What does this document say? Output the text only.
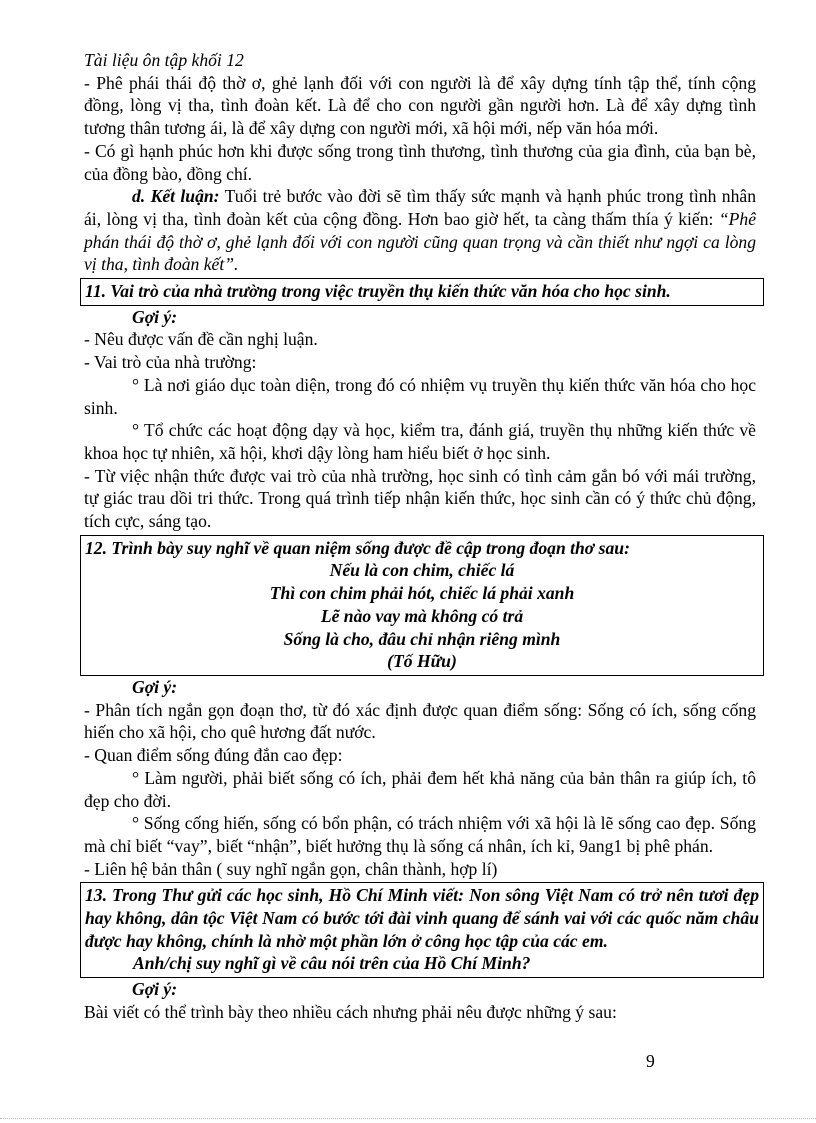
Tài liệu ôn tập khối 12

- Phê phái thái độ thờ ơ, ghẻ lạnh đối với con người là để xây dựng tính tập thể, tính cộng đồng, lòng vị tha, tình đoàn kết. Là để cho con người gần người hơn. Là để xây dựng tình tương thân tương ái, là để xây dựng con người mới, xã hội mới, nếp văn hóa mới.

- Có gì hạnh phúc hơn khi được sống trong tình thương, tình thương của gia đình, của bạn bè, của đồng bào, đồng chí.

d. Kết luận: Tuổi trẻ bước vào đời sẽ tìm thấy sức mạnh và hạnh phúc trong tình nhân ái, lòng vị tha, tình đoàn kết của cộng đồng. Hơn bao giờ hết, ta càng thấm thía ý kiến: “Phê phán thái độ thờ ơ, ghẻ lạnh đối với con người cũng quan trọng và cần thiết như ngợi ca lòng vị tha, tình đoàn kết”.

11. Vai trò của nhà trường trong việc truyền thụ kiến thức văn hóa cho học sinh.

Gợi ý:

- Nêu được vấn đề cần nghị luận.

- Vai trò của nhà trường:

° Là nơi giáo dục toàn diện, trong đó có nhiệm vụ truyền thụ kiến thức văn hóa cho học sinh.

° Tổ chức các hoạt động dạy và học, kiểm tra, đánh giá, truyền thụ những kiến thức về khoa học tự nhiên, xã hội, khơi dậy lòng ham hiểu biết ở học sinh.

- Từ việc nhận thức được vai trò của nhà trường, học sinh có tình cảm gắn bó với mái trường, tự giác trau dồi tri thức. Trong quá trình tiếp nhận kiến thức, học sinh cần có ý thức chủ động, tích cực, sáng tạo.

12. Trình bày suy nghĩ về quan niệm sống được đề cập trong đoạn thơ sau:

Nếu là con chim, chiếc lá

Thì con chim phải hót, chiếc lá phải xanh

Lẽ nào vay mà không có trả

Sống là cho, đâu chỉ nhận riêng mình

(Tố Hữu)

Gợi ý:

- Phân tích ngắn gọn đoạn thơ, từ đó xác định được quan điểm sống: Sống có ích, sống cống hiến cho xã hội, cho quê hương đất nước.

- Quan điểm sống đúng đắn cao đẹp:

° Làm người, phải biết sống có ích, phải đem hết khả năng của bản thân ra giúp ích, tô đẹp cho đời.

° Sống cống hiến, sống có bổn phận, có trách nhiệm với xã hội là lẽ sống cao đẹp. Sống mà chỉ biết “vay”, biết “nhận”, biết hưởng thụ là sống cá nhân, ích kỉ, 9ang1 bị phê phán.

- Liên hệ bản thân ( suy nghĩ ngắn gọn, chân thành, hợp lí)

13. Trong Thư gửi các học sinh, Hồ Chí Minh viết: Non sông Việt Nam có trở nên tươi đẹp hay không, dân tộc Việt Nam có bước tới đài vinh quang để sánh vai với các quốc năm châu được hay không, chính là nhờ một phần lớn ở công học tập của các em.

Anh/chị suy nghĩ gì về câu nói trên của Hồ Chí Minh?

Gợi ý:

Bài viết có thể trình bày theo nhiều cách nhưng phải nêu được những ý sau:

9
